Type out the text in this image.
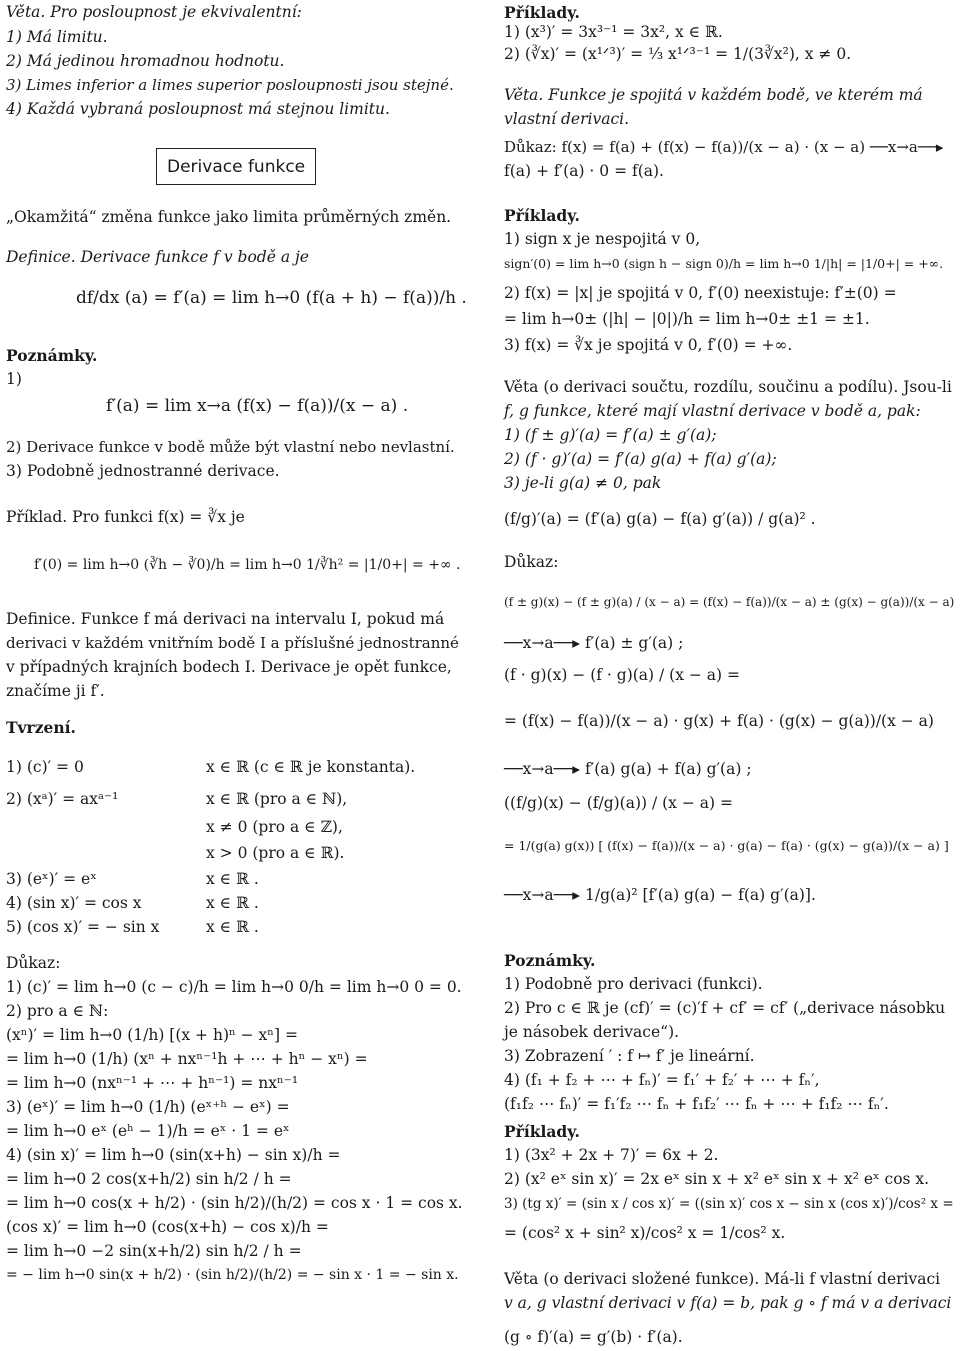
Derivace funkce
df/dx (a) = f′(a) = lim h→0 (f(a + h) − f(a))/h .
f′(a) = lim x→a (f(x) − f(a))/(x − a) .
f′(0) = lim h→0 (∛h − ∛0)/h = lim h→0 1/∛h² = |1/0+| = +∞ .
Věta. Pro posloupnost je ekvivalentní:
1) Má limitu.
2) Má jedinou hromadnou hodnotu.
3) Limes inferior a limes superior posloupnosti jsou stejné.
4) Každá vybraná posloupnost má stejnou limitu.
„Okamžitá“ změna funkce jako limita průměrných změn.
Definice. Derivace funkce f v bodě a je
Poznámky.
1)
2) Derivace funkce v bodě může být vlastní nebo nevlastní.
3) Podobně jednostranné derivace.
Příklad. Pro funkci f(x) = ∛x je
Definice. Funkce f má derivaci na intervalu I, pokud má
derivaci v každém vnitřním bodě I a příslušné jednostranné
v případných krajních bodech I. Derivace je opět funkce,
značíme ji f′.
Tvrzení.
1) (c)′ = 0
2) (xᵃ)′ = axᵃ⁻¹
3) (eˣ)′ = eˣ
4) (sin x)′ = cos x
5) (cos x)′ = − sin x
Důkaz:
1) (c)′ = lim h→0 (c − c)/h = lim h→0 0/h = lim h→0 0 = 0.
2) pro a ∈ ℕ:
(xⁿ)′ = lim h→0 (1/h) [(x + h)ⁿ − xⁿ] =
= lim h→0 (1/h) (xⁿ + nxⁿ⁻¹h + ⋯ + hⁿ − xⁿ) =
= lim h→0 (nxⁿ⁻¹ + ⋯ + hⁿ⁻¹) = nxⁿ⁻¹
3) (eˣ)′ = lim h→0 (1/h) (eˣ⁺ʰ − eˣ) =
= lim h→0 eˣ (eʰ − 1)/h = eˣ · 1 = eˣ
4) (sin x)′ = lim h→0 (sin(x+h) − sin x)/h =
= lim h→0 2 cos(x+h/2) sin h/2 / h =
= lim h→0 cos(x + h/2) · (sin h/2)/(h/2) = cos x · 1 = cos x.
(cos x)′ = lim h→0 (cos(x+h) − cos x)/h =
= lim h→0 −2 sin(x+h/2) sin h/2 / h =
= − lim h→0 sin(x + h/2) · (sin h/2)/(h/2) = − sin x · 1 = − sin x.
x ∈ ℝ (c ∈ ℝ je konstanta).
x ∈ ℝ (pro a ∈ ℕ),
x ≠ 0 (pro a ∈ ℤ),
x > 0 (pro a ∈ ℝ).
x ∈ ℝ .
x ∈ ℝ .
x ∈ ℝ .
Příklady.
1) (x³)′ = 3x³⁻¹ = 3x², x ∈ ℝ.
2) (∛x)′ = (x¹ᐟ³)′ = ⅓ x¹ᐟ³⁻¹ = 1/(3∛x²), x ≠ 0.
Věta. Funkce je spojitá v každém bodě, ve kterém má
vlastní derivaci.
Důkaz: f(x) = f(a) + (f(x) − f(a))/(x − a) · (x − a) ──x→a──▸
f(a) + f′(a) · 0 = f(a).
Příklady.
1) sign x je nespojitá v 0,
sign′(0) = lim h→0 (sign h − sign 0)/h = lim h→0 1/|h| = |1/0+| = +∞.
2) f(x) = |x| je spojitá v 0, f′(0) neexistuje: f′±(0) =
= lim h→0± (|h| − |0|)/h = lim h→0± ±1 = ±1.
3) f(x) = ∛x je spojitá v 0, f′(0) = +∞.
Věta (o derivaci součtu, rozdílu, součinu a podílu). Jsou-li
f, g funkce, které mají vlastní derivace v bodě a, pak:
1) (f ± g)′(a) = f′(a) ± g′(a);
2) (f · g)′(a) = f′(a) g(a) + f(a) g′(a);
3) je-li g(a) ≠ 0, pak
(f/g)′(a) = (f′(a) g(a) − f(a) g′(a)) / g(a)² .
Důkaz:
(f ± g)(x) − (f ± g)(a) / (x − a) = (f(x) − f(a))/(x − a) ± (g(x) − g(a))/(x − a)
──x→a──▸ f′(a) ± g′(a) ;
(f · g)(x) − (f · g)(a) / (x − a) =
= (f(x) − f(a))/(x − a) · g(x) + f(a) · (g(x) − g(a))/(x − a)
──x→a──▸ f′(a) g(a) + f(a) g′(a) ;
((f/g)(x) − (f/g)(a)) / (x − a) =
= 1/(g(a) g(x)) [ (f(x) − f(a))/(x − a) · g(a) − f(a) · (g(x) − g(a))/(x − a) ]
──x→a──▸ 1/g(a)² [f′(a) g(a) − f(a) g′(a)].
Poznámky.
1) Podobně pro derivaci (funkci).
2) Pro c ∈ ℝ je (cf)′ = (c)′f + cf′ = cf′ („derivace násobku
je násobek derivace“).
3) Zobrazení ′ : f ↦ f′ je lineární.
4) (f₁ + f₂ + ⋯ + fₙ)′ = f₁′ + f₂′ + ⋯ + fₙ′,
(f₁f₂ ⋯ fₙ)′ = f₁′f₂ ⋯ fₙ + f₁f₂′ ⋯ fₙ + ⋯ + f₁f₂ ⋯ fₙ′.
Příklady.
1) (3x² + 2x + 7)′ = 6x + 2.
2) (x² eˣ sin x)′ = 2x eˣ sin x + x² eˣ sin x + x² eˣ cos x.
3) (tg x)′ = (sin x / cos x)′ = ((sin x)′ cos x − sin x (cos x)′)/cos² x =
= (cos² x + sin² x)/cos² x = 1/cos² x.
Věta (o derivaci složené funkce). Má-li f vlastní derivaci
v a, g vlastní derivaci v f(a) = b, pak g ∘ f má v a derivaci
(g ∘ f)′(a) = g′(b) · f′(a).
